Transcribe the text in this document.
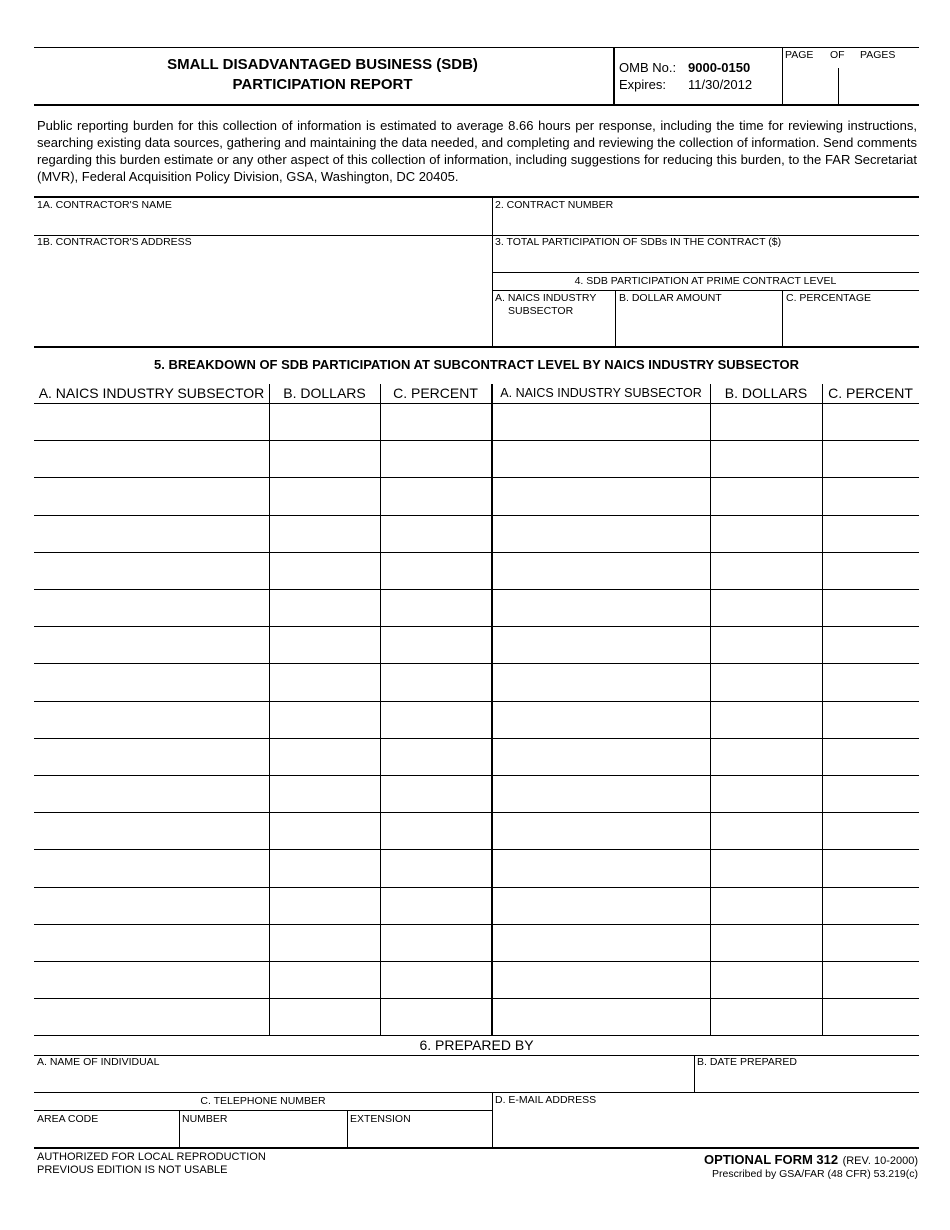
SMALL DISADVANTAGED BUSINESS (SDB)
PARTICIPATION REPORT
OMB No.: 9000-0150
Expires: 11/30/2012
PAGE OF PAGES
Public reporting burden for this collection of information is estimated to average 8.66 hours per response, including the time for reviewing instructions, searching existing data sources, gathering and maintaining the data needed, and completing and reviewing the collection of information. Send comments regarding this burden estimate or any other aspect of this collection of information, including suggestions for reducing this burden, to the FAR Secretariat (MVR), Federal Acquisition Policy Division, GSA, Washington, DC 20405.
1A. CONTRACTOR'S NAME	2. CONTRACT NUMBER
1B. CONTRACTOR'S ADDRESS	3. TOTAL PARTICIPATION OF SDBs IN THE CONTRACT ($)
4. SDB PARTICIPATION AT PRIME CONTRACT LEVEL
A. NAICS INDUSTRY
SUBSECTOR
B. DOLLAR AMOUNT	C. PERCENTAGE
5. BREAKDOWN OF SDB PARTICIPATION AT SUBCONTRACT LEVEL BY NAICS INDUSTRY SUBSECTOR
A. NAICS INDUSTRY SUBSECTOR	B. DOLLARS	C. PERCENT	A. NAICS INDUSTRY SUBSECTOR	B. DOLLARS	C. PERCENT
6. PREPARED BY
A. NAME OF INDIVIDUAL	B. DATE PREPARED
C. TELEPHONE NUMBER	D. E-MAIL ADDRESS
AREA CODE	NUMBER	EXTENSION
AUTHORIZED FOR LOCAL REPRODUCTION
PREVIOUS EDITION IS NOT USABLE
OPTIONAL FORM 312 (REV. 10-2000)
Prescribed by GSA/FAR (48 CFR) 53.219(c)
